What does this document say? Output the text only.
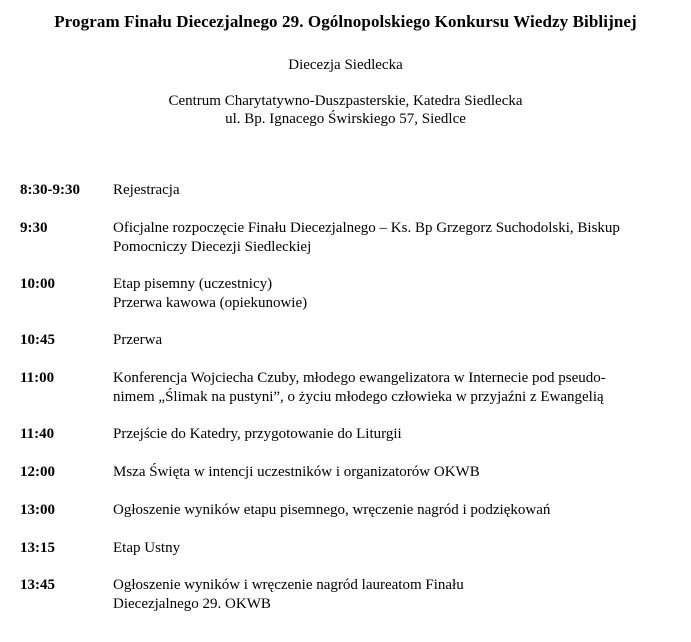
Program Finału Diecezjalnego 29. Ogólnopolskiego Konkursu Wiedzy Biblijnej
Diecezja Siedlecka
Centrum Charytatywno-Duszpasterskie, Katedra Siedlecka
ul. Bp. Ignacego Świrskiego 57, Siedlce
8:30-9:30	Rejestracja
9:30	Oficjalne rozpoczęcie Finału Diecezjalnego – Ks. Bp Grzegorz Suchodolski, Biskup
Pomocniczy Diecezji Siedleckiej
10:00	Etap pisemny (uczestnicy)
Przerwa kawowa (opiekunowie)
10:45	Przerwa
11:00	Konferencja Wojciecha Czuby, młodego ewangelizatora w Internecie pod pseudo-
nimem „Ślimak na pustyni”, o życiu młodego człowieka w przyjaźni z Ewangelią
11:40	Przejście do Katedry, przygotowanie do Liturgii
12:00	Msza Święta w intencji uczestników i organizatorów OKWB
13:00	Ogłoszenie wyników etapu pisemnego, wręczenie nagród i podziękowań
13:15	Etap Ustny
13:45	Ogłoszenie wyników i wręczenie nagród laureatom Finału
Diecezjalnego 29. OKWB
